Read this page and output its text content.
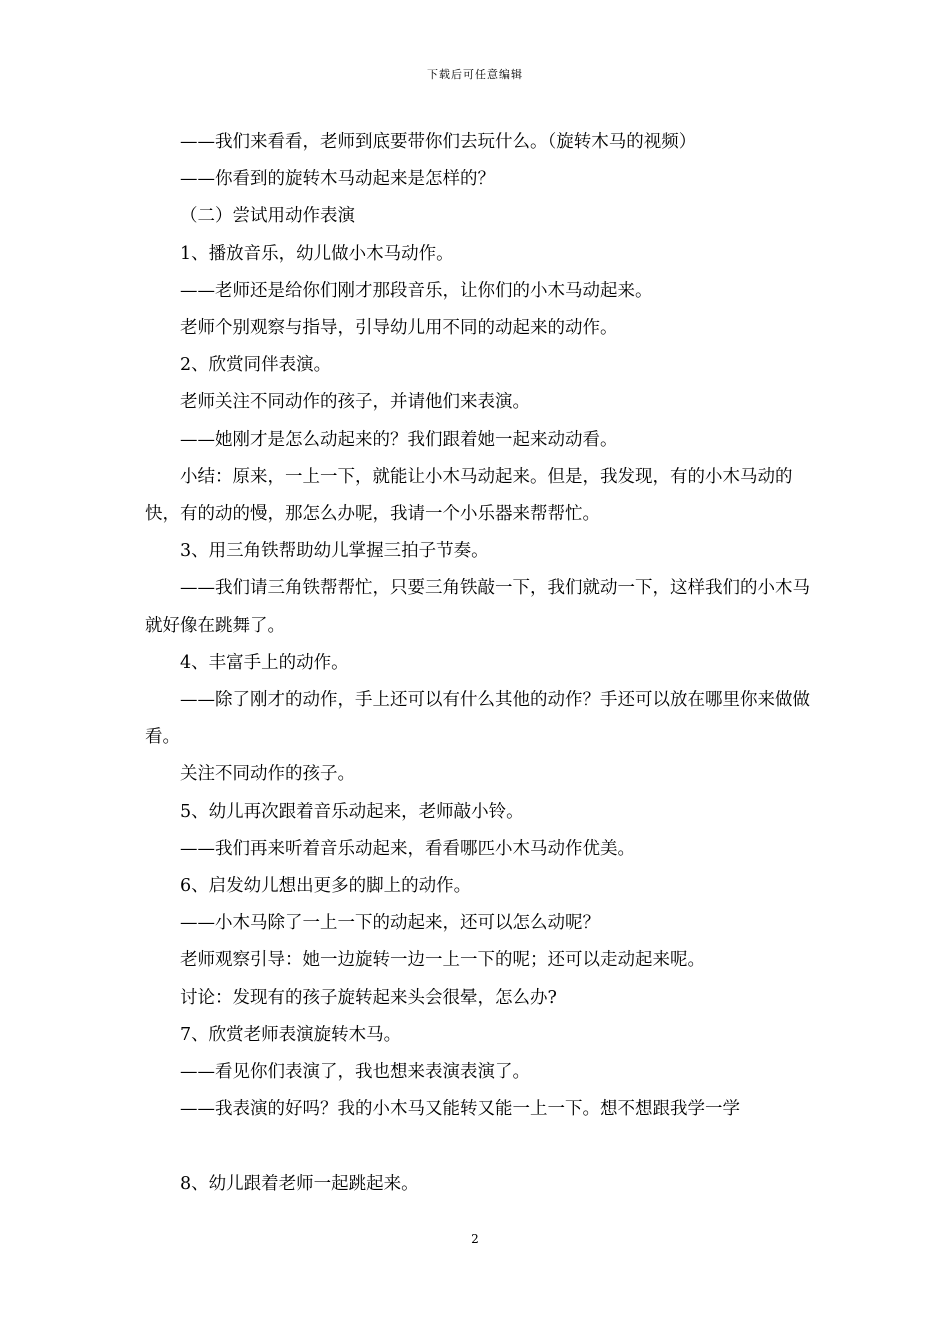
下载后可任意编辑

——我们来看看，老师到底要带你们去玩什么。（旋转木马的视频）

——你看到的旋转木马动起来是怎样的？

（二）尝试用动作表演

1、播放音乐，幼儿做小木马动作。

——老师还是给你们刚才那段音乐，让你们的小木马动起来。

老师个别观察与指导，引导幼儿用不同的动起来的动作。

2、欣赏同伴表演。

老师关注不同动作的孩子，并请他们来表演。

——她刚才是怎么动起来的？我们跟着她一起来动动看。

小结：原来，一上一下，就能让小木马动起来。但是，我发现，有的小木马动的快，有的动的慢，那怎么办呢，我请一个小乐器来帮帮忙。

3、用三角铁帮助幼儿掌握三拍子节奏。

——我们请三角铁帮帮忙，只要三角铁敲一下，我们就动一下，这样我们的小木马就好像在跳舞了。

4、丰富手上的动作。

——除了刚才的动作，手上还可以有什么其他的动作？手还可以放在哪里你来做做看。

关注不同动作的孩子。

5、幼儿再次跟着音乐动起来，老师敲小铃。

——我们再来听着音乐动起来，看看哪匹小木马动作优美。

6、启发幼儿想出更多的脚上的动作。

——小木马除了一上一下的动起来，还可以怎么动呢？

老师观察引导：她一边旋转一边一上一下的呢；还可以走动起来呢。

讨论：发现有的孩子旋转起来头会很晕，怎么办?

7、欣赏老师表演旋转木马。

——看见你们表演了，我也想来表演表演了。

——我表演的好吗？我的小木马又能转又能一上一下。想不想跟我学一学

8、幼儿跟着老师一起跳起来。

2
